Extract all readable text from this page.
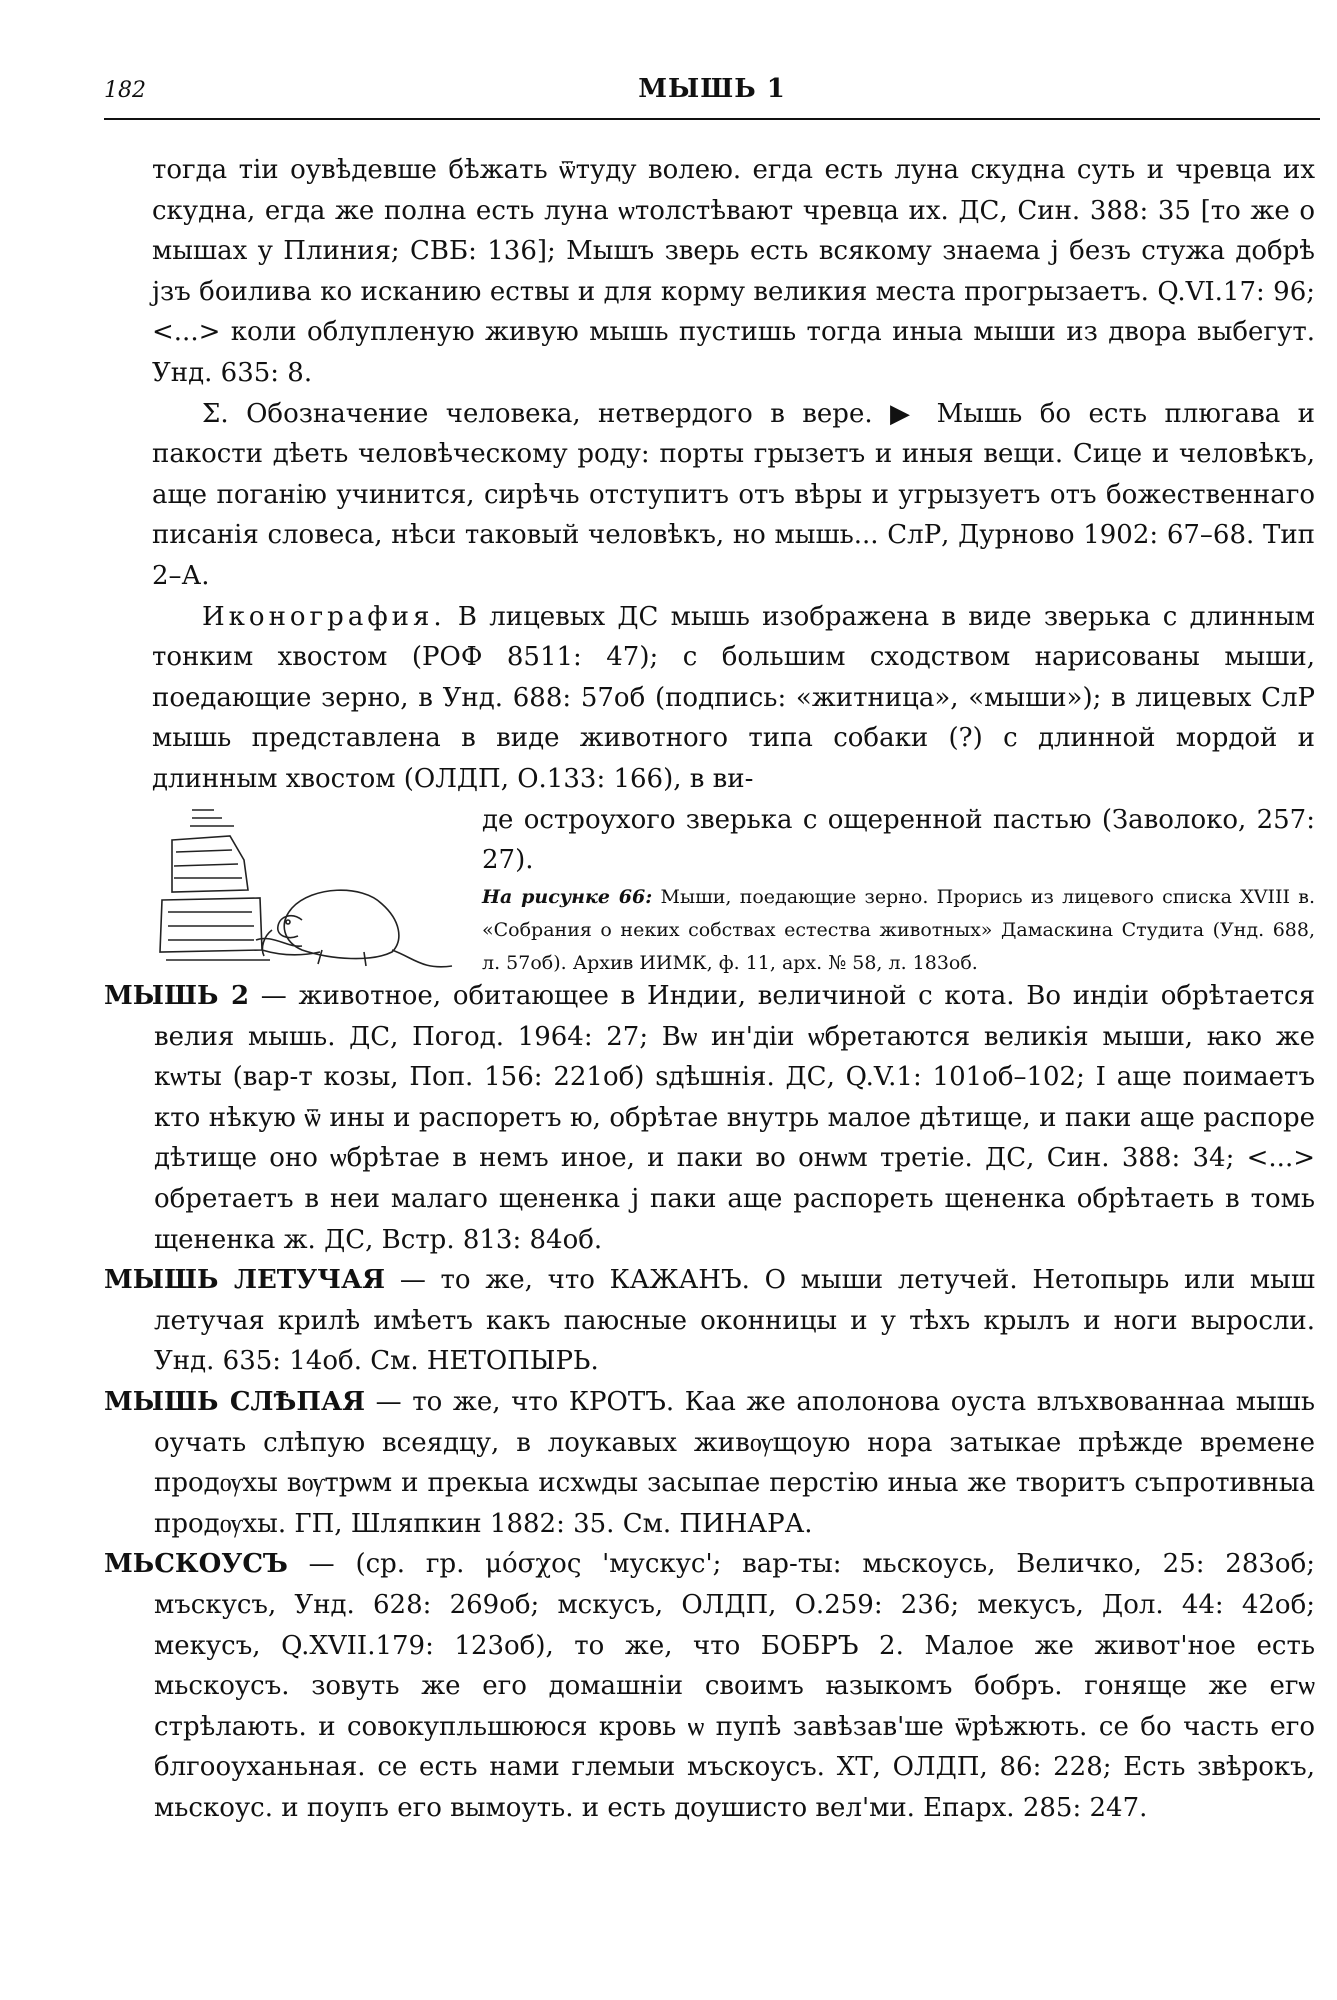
182	МЫШЬ 1

тогда тіи оувѣдевше бѣжать ѿтуду волею. егда есть луна скудна суть и чревца их скудна, егда же полна есть луна ѡтолстѣвают чревца их. ДС, Син. 388: 35 [то же о мышах у Плиния; СВБ: 136]; Мышъ зверь есть всякому знаема j безъ стужа добрѣ jзъ боилива ко исканию ествы и для корму великия места прогрызаетъ. Q.VI.17: 96; <...> коли облупленую живую мышь пустишь тогда иныа мыши из двора выбегут. Унд. 635: 8.

Σ. Обозначение человека, нетвердого в вере. ▶ Мышь бо есть плюгава и пакости дѣеть человѣческому роду: порты грызетъ и иныя вещи. Сице и человѣкъ, аще поганію учинится, сирѣчь отступитъ отъ вѣры и угрызуетъ отъ божественнаго писанія словеса, нѣси таковый человѣкъ, но мышь... СлР, Дурново 1902: 67–68. Тип 2–А.

Иконография. В лицевых ДС мышь изображена в виде зверька с длинным тонким хвостом (РОФ 8511: 47); с большим сходством нарисованы мыши, поедающие зерно, в Унд. 688: 57об (подпись: «житница», «мыши»); в лицевых СлР мышь представлена в виде животного типа собаки (?) с длинной мордой и длинным хвостом (ОЛДП, О.133: 166), в ви-

де остроухого зверька с ощеренной пастью (Заволоко, 257: 27).

На рисунке 66: Мыши, поедающие зерно. Прорись из лицевого списка XVIII в. «Собрания о неких собствах естества животных» Дамаскина Студита (Унд. 688, л. 57об). Архив ИИМК, ф. 11, арх. № 58, л. 183об.

МЫШЬ 2 — животное, обитающее в Индии, величиной с кота. Во индіи обрѣтается велия мышь. ДС, Погод. 1964: 27; Вѡ ин'діи ѡбретаются великія мыши, ꙗко же кѡты (вар-т козы, Поп. 156: 221об) ѕдѣшнія. ДС, Q.V.1: 101об–102; І аще поимаетъ кто нѣкую ѿ ины и распоретъ ю, обрѣтае внутрь малое дѣтище, и паки аще распоре дѣтище оно ѡбрѣтае в немъ иное, и паки во онѡм третіе. ДС, Син. 388: 34; <...> обретаетъ в неи малаго щененка j паки аще распореть щененка обрѣтаеть в томь щененка ж. ДС, Встр. 813: 84об.

МЫШЬ ЛЕТУЧАЯ — то же, что КАЖАНЪ. О мыши летучей. Нетопырь или мыш летучая крилѣ имѣетъ какъ паюсные оконницы и у тѣхъ крылъ и ноги выросли. Унд. 635: 14об. См. НЕТОПЫРЬ.

МЫШЬ СЛѢПАЯ — то же, что КРОТЪ. Каа же аполонова оуста влъхвованнаа мышь оучать слѣпую всеядцу, в лоукавых живѹщоую нора затыкае прѣжде времене продѹхы вѹтрѡм и прекыа исхѡды засыпае перстію иныа же творитъ съпротивныа продѹхы. ГП, Шляпкин 1882: 35. См. ПИНАРА.

МЬСКОУСЪ — (ср. гр. μόσχος 'мускус'; вар-ты: мьскоусь, Величко, 25: 283об; мъскусъ, Унд. 628: 269об; мскусъ, ОЛДП, О.259: 236; мекусъ, Дол. 44: 42об; мекусъ, Q.XVII.179: 123об), то же, что БОБРЪ 2. Малое же живот'ное есть мьскоусъ. зовуть же его домашніи своимъ ꙗзыкомъ бобръ. гоняще же егѡ стрѣлають. и совокупльшююся кровь ѡ пупѣ завѣзав'ше ѿрѣжють. се бо часть его блгооуханьная. се есть нами глемыи мъскоусъ. ХТ, ОЛДП, 86: 228; Есть звѣрокъ, мьскоус. и поупъ его вымоуть. и есть доушисто вел'ми. Епарх. 285: 247.
